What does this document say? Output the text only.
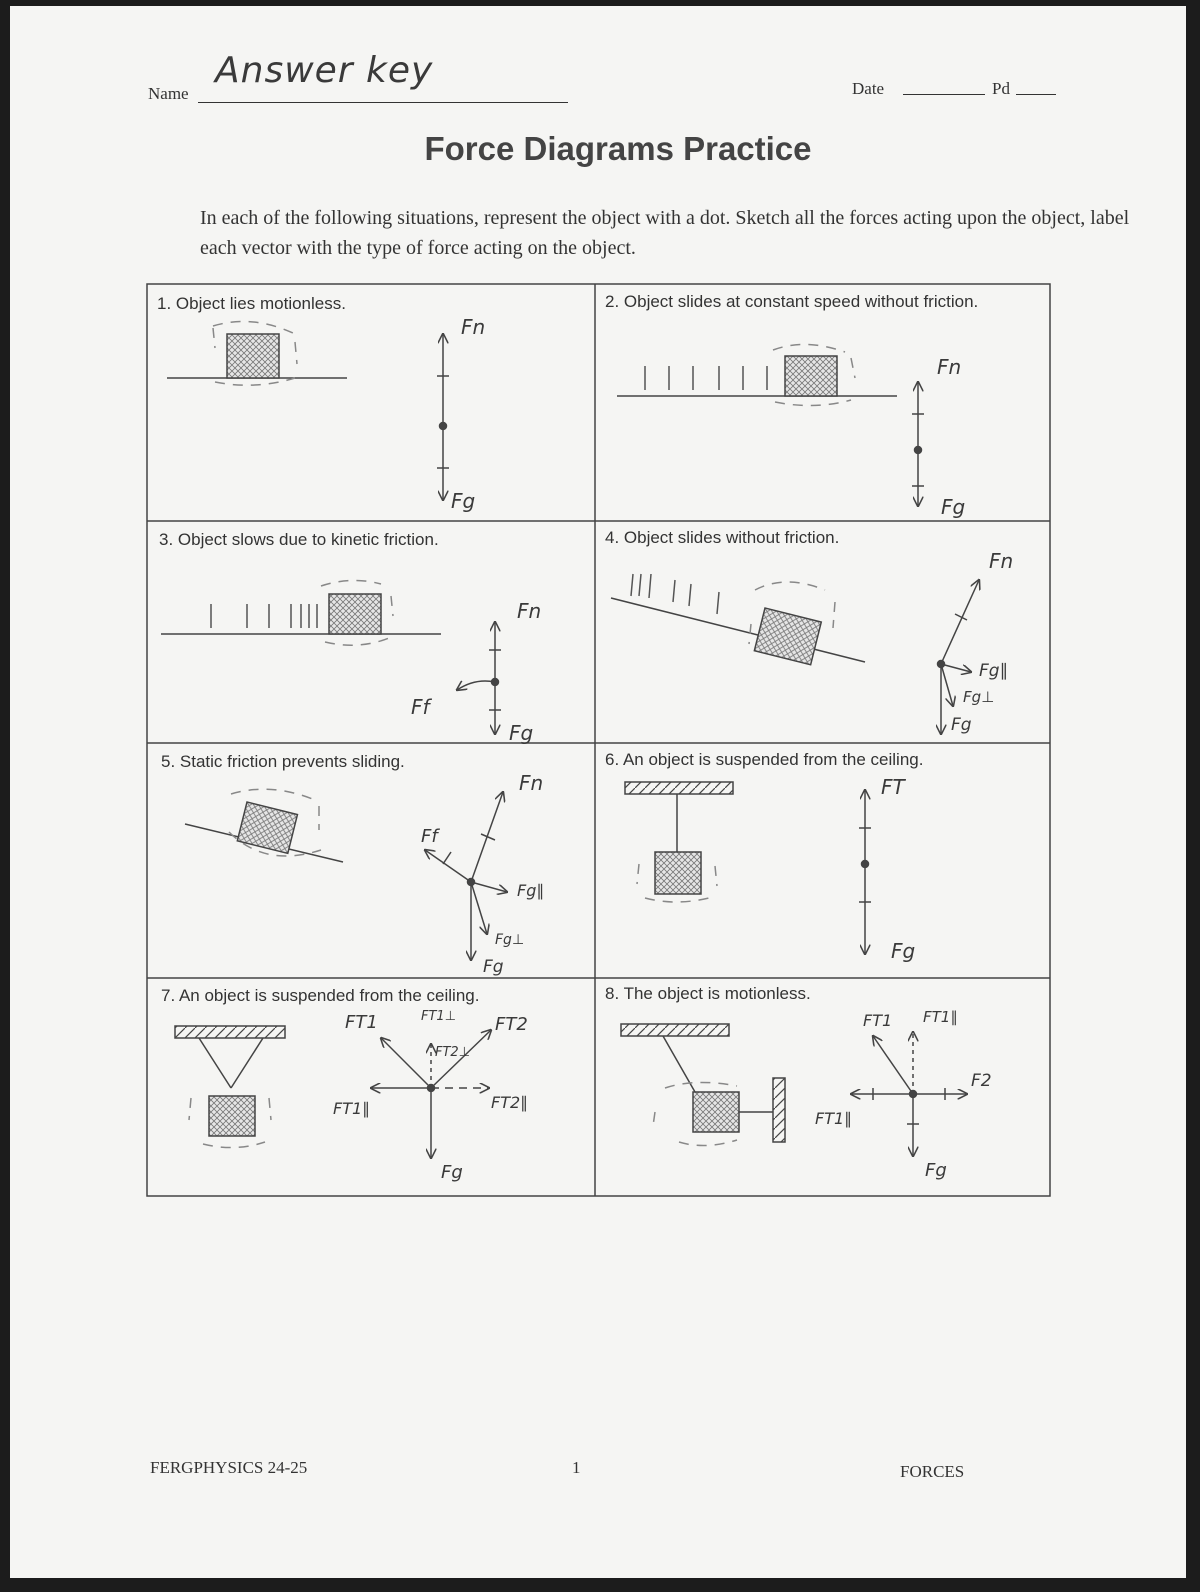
Name
Answer key	Date	Pd
Force Diagrams Practice
In each of the following situations, represent the object with a dot. Sketch all the forces acting upon the object, label each vector with the type of force acting on the object.
Fn
Fg
Fn
Fg
Fn
Ff
Fg
Fn
Fg∥
Fg⊥
Fg
Fn
Ff
Fg∥
Fg⊥
Fg
FT
Fg
FT1	FT1⊥ FT2
FT2⊥
FT1∥	FT2∥
Fg
FT1 FT1∥
F2
FT1∥
Fg
1. Object lies motionless.	2. Object slides at constant speed without friction.
3. Object slows due to kinetic friction.	4. Object slides without friction.
5. Static friction prevents sliding.	6. An object is suspended from the ceiling.
7. An object is suspended from the ceiling.	8. The object is motionless.
FERGPHYSICS 24-25	1	FORCES
